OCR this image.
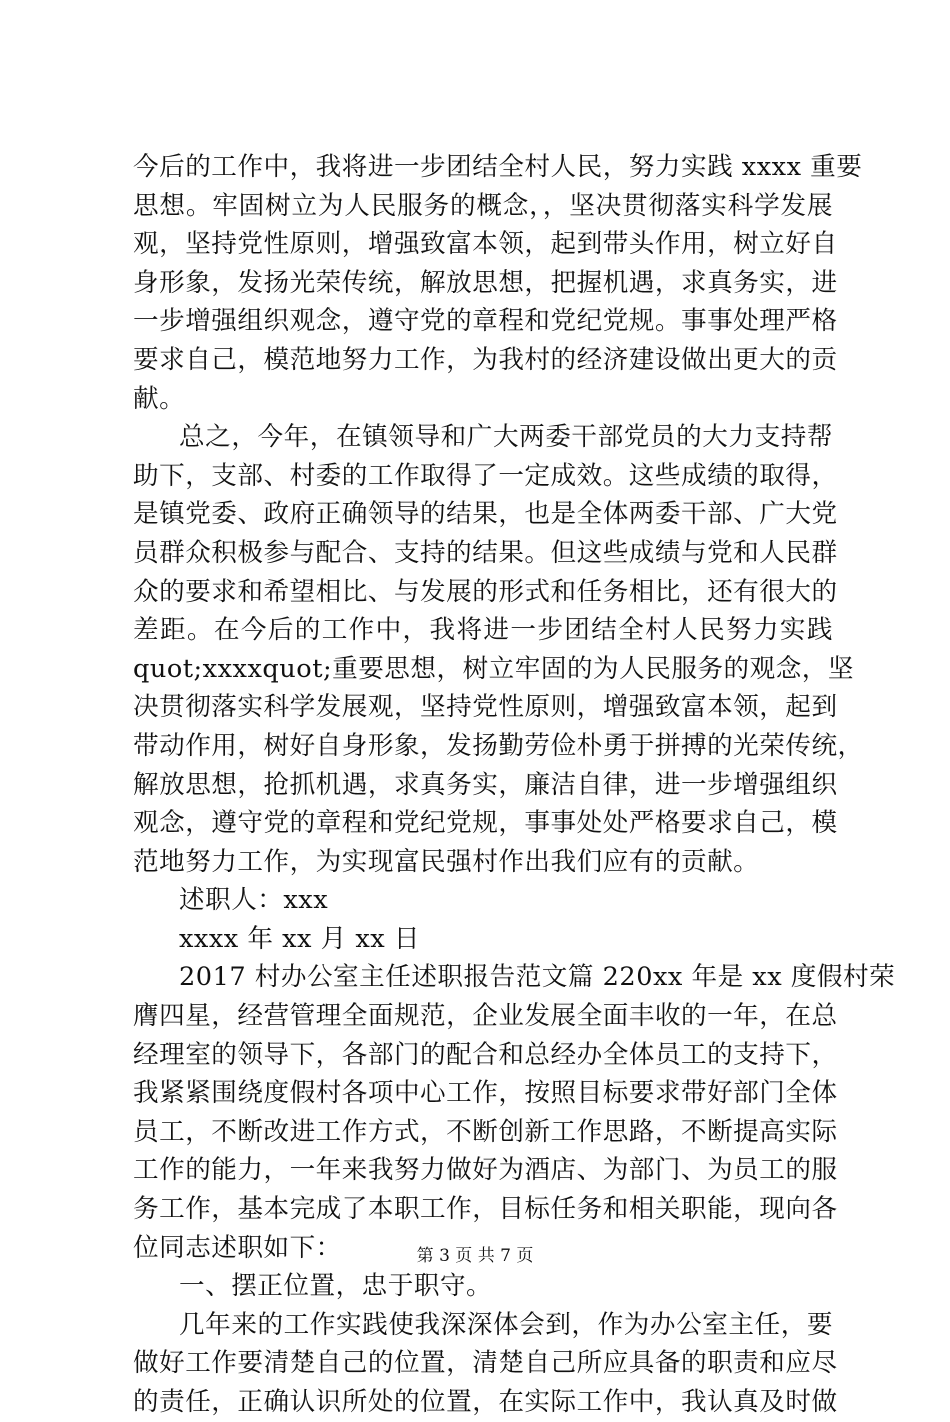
今后的工作中，我将进一步团结全村人民，努力实践 xxxx 重要
思想。牢固树立为人民服务的概念，，坚决贯彻落实科学发展
观，坚持党性原则，增强致富本领，起到带头作用，树立好自
身形象，发扬光荣传统，解放思想，把握机遇，求真务实，进
一步增强组织观念，遵守党的章程和党纪党规。事事处理严格
要求自己，模范地努力工作，为我村的经济建设做出更大的贡
献。
总之，今年，在镇领导和广大两委干部党员的大力支持帮
助下，支部、村委的工作取得了一定成效。这些成绩的取得，
是镇党委、政府正确领导的结果，也是全体两委干部、广大党
员群众积极参与配合、支持的结果。但这些成绩与党和人民群
众的要求和希望相比、与发展的形式和任务相比，还有很大的
差距。在今后的工作中，我将进一步团结全村人民努力实践
quot;xxxxquot;重要思想，树立牢固的为人民服务的观念，坚
决贯彻落实科学发展观，坚持党性原则，增强致富本领，起到
带动作用，树好自身形象，发扬勤劳俭朴勇于拼搏的光荣传统，
解放思想，抢抓机遇，求真务实，廉洁自律，进一步增强组织
观念，遵守党的章程和党纪党规，事事处处严格要求自己，模
范地努力工作，为实现富民强村作出我们应有的贡献。
述职人：xxx
xxxx 年 xx 月 xx 日
2017 村办公室主任述职报告范文篇 220xx 年是 xx 度假村荣
膺四星，经营管理全面规范，企业发展全面丰收的一年，在总
经理室的领导下，各部门的配合和总经办全体员工的支持下，
我紧紧围绕度假村各项中心工作，按照目标要求带好部门全体
员工，不断改进工作方式，不断创新工作思路，不断提高实际
工作的能力，一年来我努力做好为酒店、为部门、为员工的服
务工作，基本完成了本职工作，目标任务和相关职能，现向各
位同志述职如下：
一、摆正位置，忠于职守。
几年来的工作实践使我深深体会到，作为办公室主任，要
做好工作要清楚自己的位置，清楚自己所应具备的职责和应尽
的责任，正确认识所处的位置，在实际工作中，我认真及时做
第 3 页 共 7 页
